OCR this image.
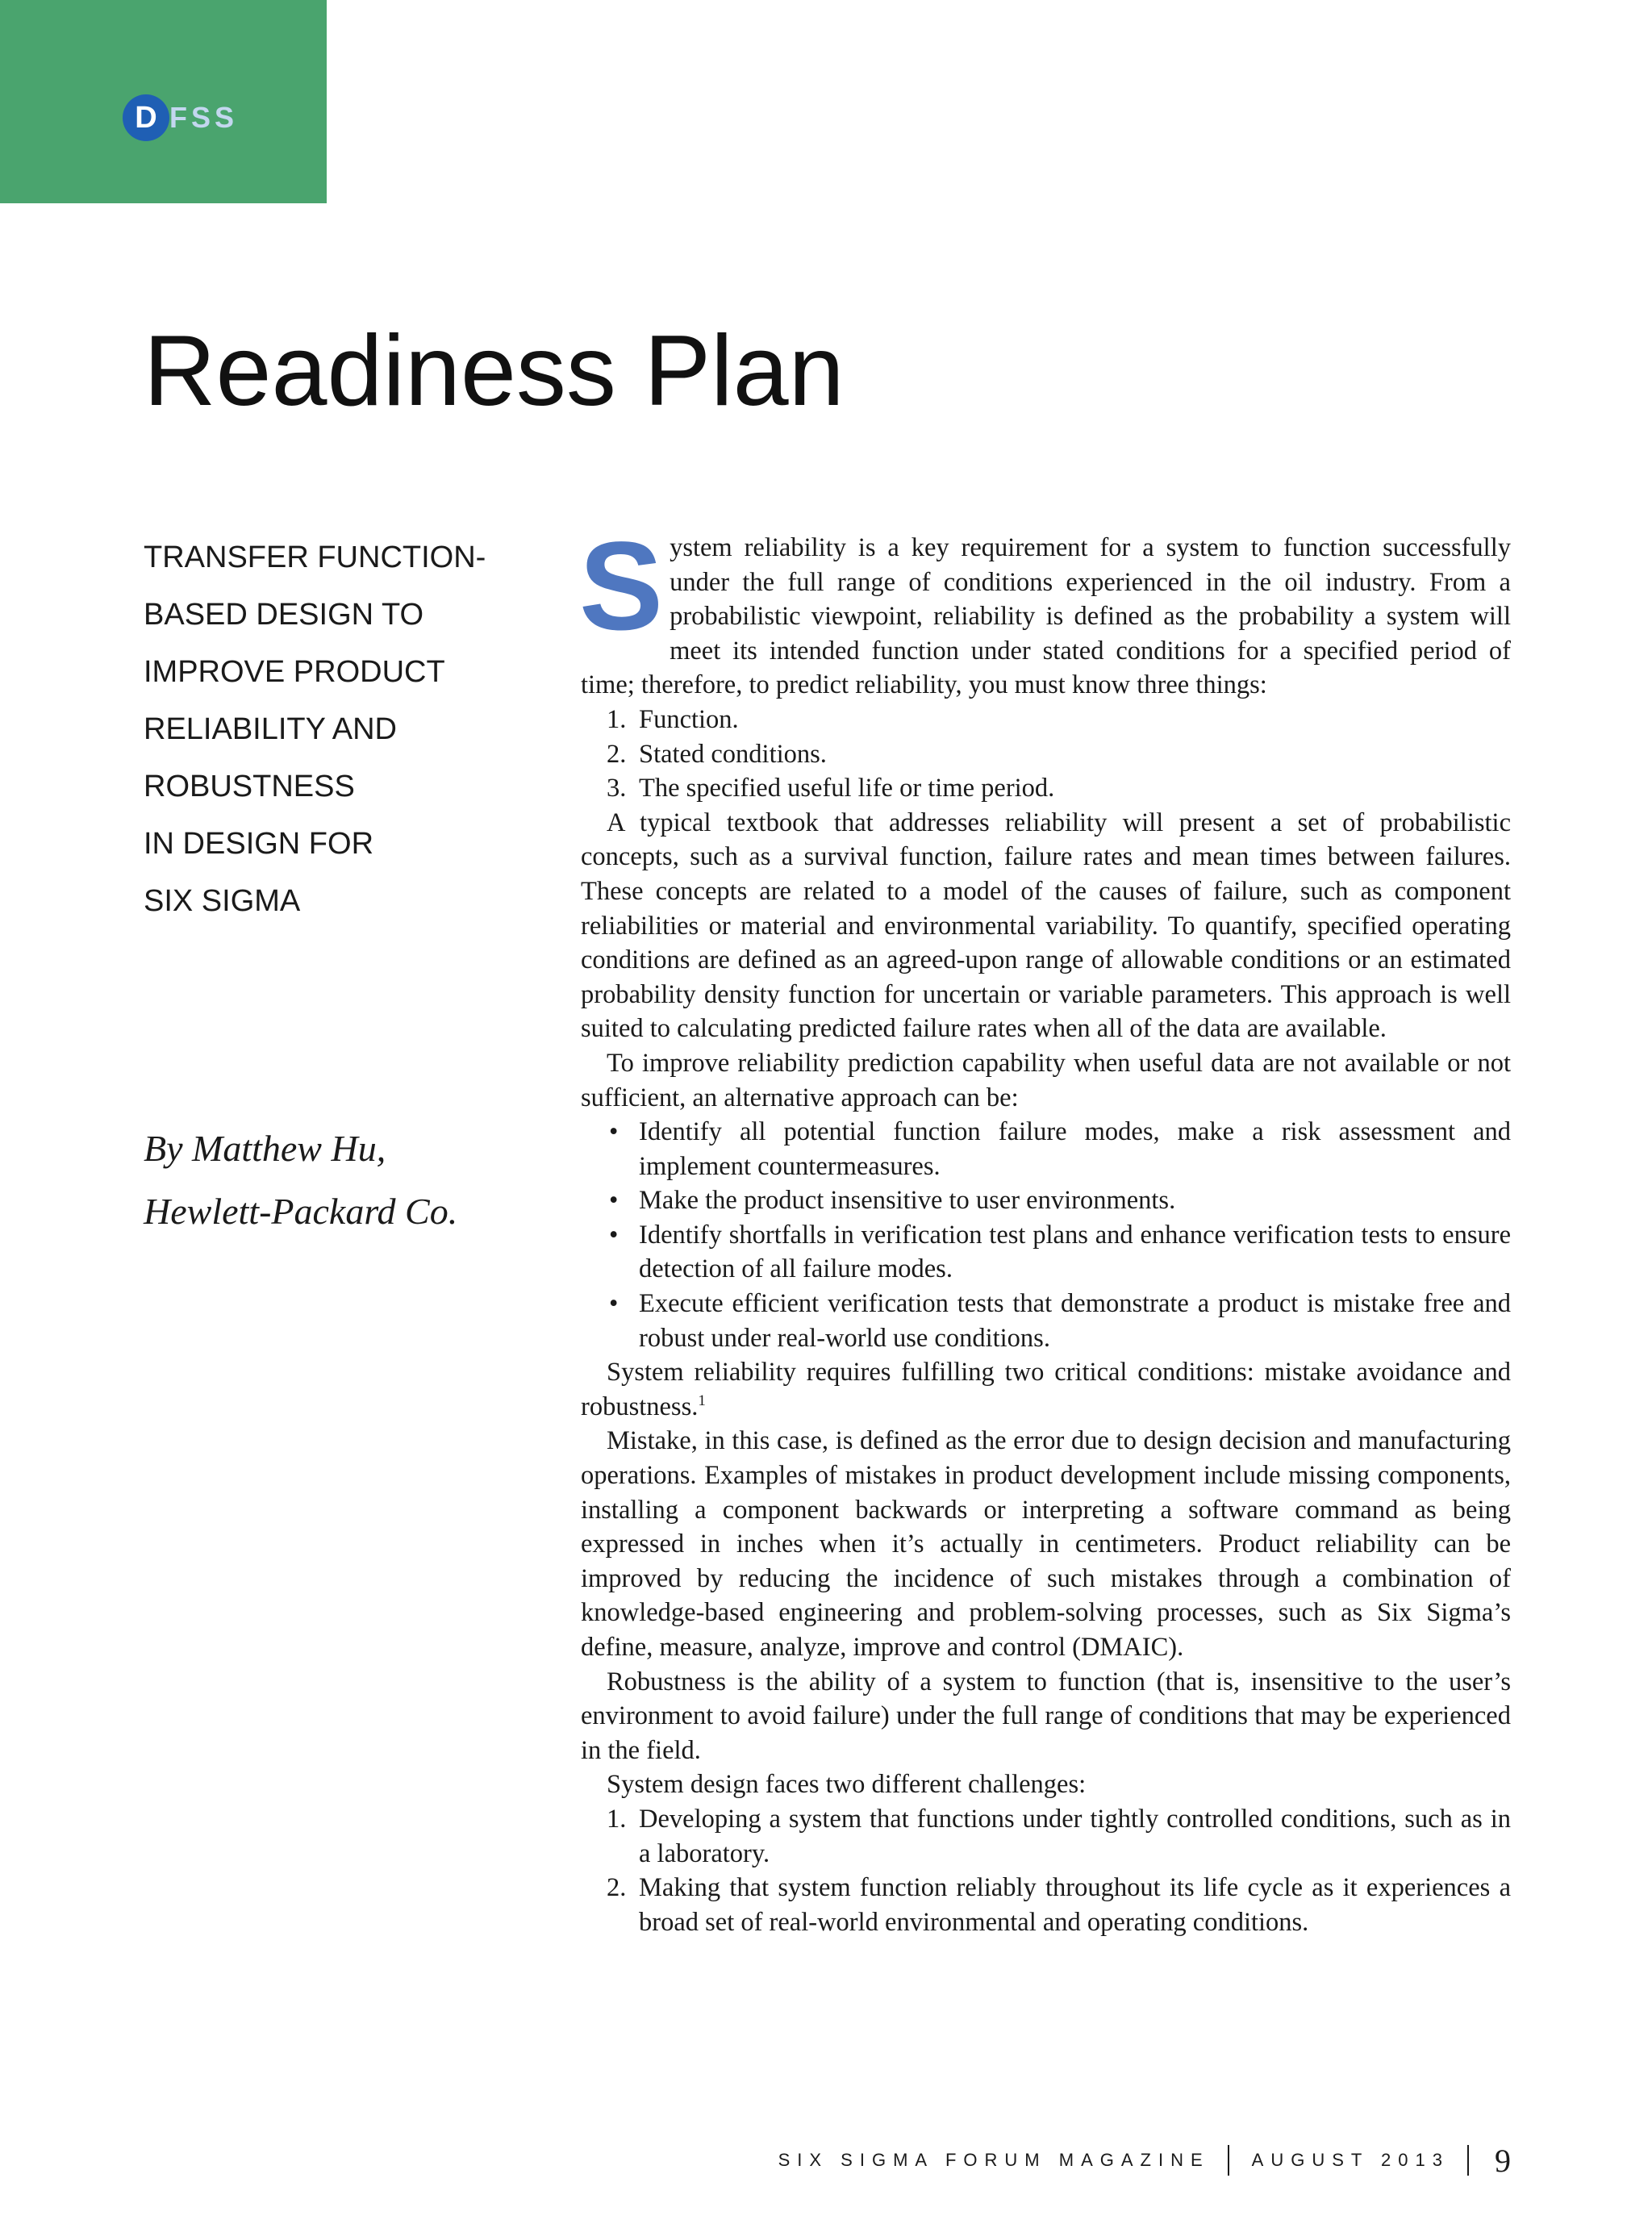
D FSS
Readiness Plan
TRANSFER FUNCTION-
BASED DESIGN TO
IMPROVE PRODUCT
RELIABILITY AND
ROBUSTNESS
IN DESIGN FOR
SIX SIGMA
By Matthew Hu,
Hewlett-Packard Co.

System reliability is a key requirement for a system to function successfully under the full range of conditions experienced in the oil industry. From a probabilistic viewpoint, reliability is defined as the probability a system will meet its intended function under stated conditions for a specified period of time; therefore, to predict reliability, you must know three things:

1. Function.
2. Stated conditions.
3. The specified useful life or time period.

A typical textbook that addresses reliability will present a set of probabilistic concepts, such as a survival function, failure rates and mean times between failures. These concepts are related to a model of the causes of failure, such as component reliabilities or material and environmental variability. To quantify, specified operating conditions are defined as an agreed-upon range of allowable conditions or an estimated probability density function for uncertain or variable parameters. This approach is well suited to calculating predicted failure rates when all of the data are available.

To improve reliability prediction capability when useful data are not available or not sufficient, an alternative approach can be:

• Identify all potential function failure modes, make a risk assessment and implement countermeasures.
• Make the product insensitive to user environments.
• Identify shortfalls in verification test plans and enhance verification tests to ensure detection of all failure modes.
• Execute efficient verification tests that demonstrate a product is mistake free and robust under real-world use conditions.

System reliability requires fulfilling two critical conditions: mistake avoidance and robustness.$^1$

Mistake, in this case, is defined as the error due to design decision and manufacturing operations. Examples of mistakes in product development include missing components, installing a component backwards or interpreting a software command as being expressed in inches when it’s actually in centimeters. Product reliability can be improved by reducing the incidence of such mistakes through a combination of knowledge-based engineering and problem-solving processes, such as Six Sigma’s define, measure, analyze, improve and control (DMAIC).

Robustness is the ability of a system to function (that is, insensitive to the user’s environment to avoid failure) under the full range of conditions that may be experienced in the field.

System design faces two different challenges:

1. Developing a system that functions under tightly controlled conditions, such as in a laboratory.
2. Making that system function reliably throughout its life cycle as it experiences a broad set of real-world environmental and operating conditions.
SIX SIGMA FORUM MAGAZINE AUGUST 2013 9
